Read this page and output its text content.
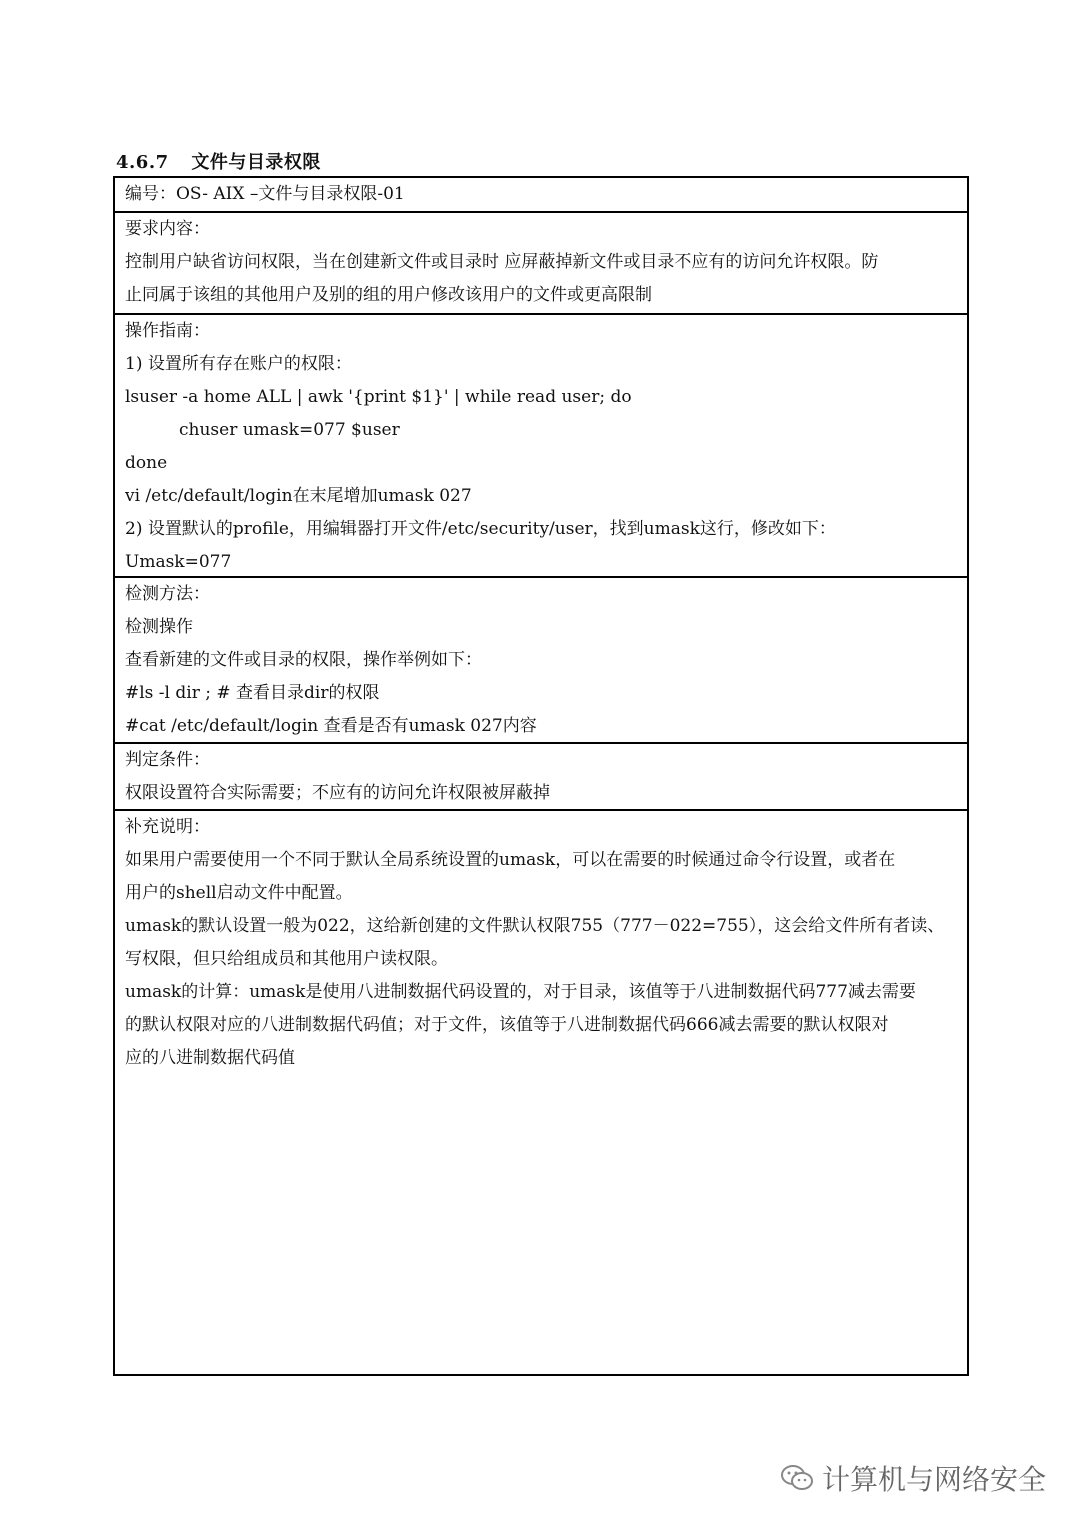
4.6.7 文件与目录权限
编号：OS- AIX –文件与目录权限-01
要求内容：
控制用户缺省访问权限，当在创建新文件或目录时 应屏蔽掉新文件或目录不应有的访问允许权限。防
止同属于该组的其他用户及别的组的用户修改该用户的文件或更高限制
操作指南：
1) 设置所有存在账户的权限：
lsuser -a home ALL | awk '{print $1}' | while read user; do
chuser umask=077 $user
done
vi /etc/default/login在末尾增加umask 027
2) 设置默认的profile，用编辑器打开文件/etc/security/user，找到umask这行，修改如下：
Umask=077
检测方法：
检测操作
查看新建的文件或目录的权限，操作举例如下：
#ls -l dir ; # 查看目录dir的权限
#cat /etc/default/login 查看是否有umask 027内容
判定条件：
权限设置符合实际需要；不应有的访问允许权限被屏蔽掉
补充说明：
如果用户需要使用一个不同于默认全局系统设置的umask，可以在需要的时候通过命令行设置，或者在
用户的shell启动文件中配置。
umask的默认设置一般为022，这给新创建的文件默认权限755（777－022=755），这会给文件所有者读、
写权限，但只给组成员和其他用户读权限。
umask的计算：umask是使用八进制数据代码设置的，对于目录，该值等于八进制数据代码777减去需要
的默认权限对应的八进制数据代码值；对于文件，该值等于八进制数据代码666减去需要的默认权限对
应的八进制数据代码值
计算机与网络安全
